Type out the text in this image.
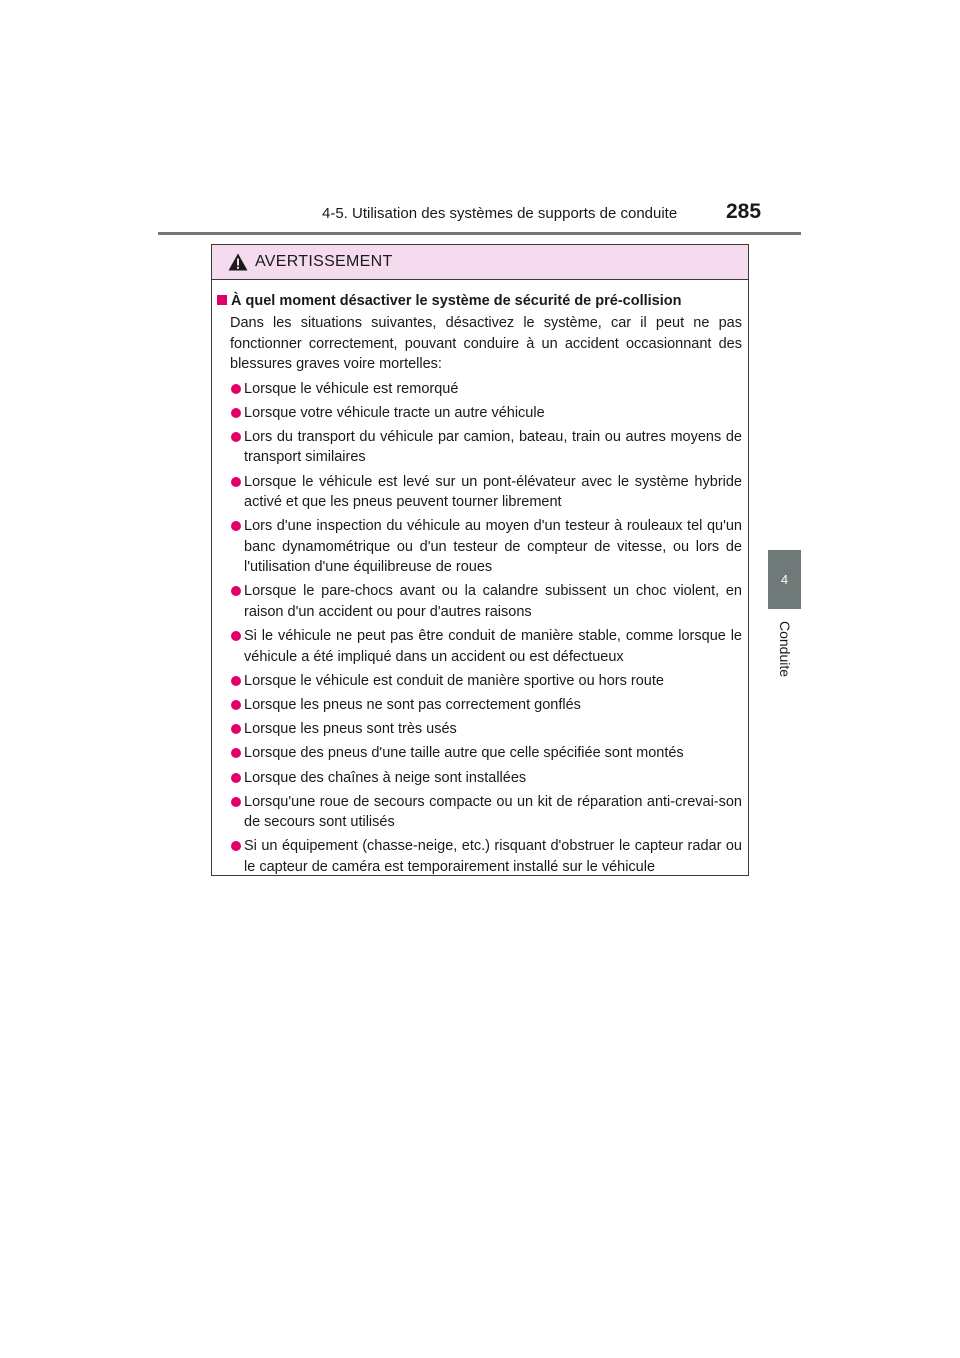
4-5. Utilisation des systèmes de supports de conduite 285
4
Conduite
AVERTISSEMENT
À quel moment désactiver le système de sécurité de pré-collision
Dans les situations suivantes, désactivez le système, car il peut ne pas fonctionner correctement, pouvant conduire à un accident occasionnant des blessures graves voire mortelles:
Lorsque le véhicule est remorqué
Lorsque votre véhicule tracte un autre véhicule
Lors du transport du véhicule par camion, bateau, train ou autres moyens de transport similaires
Lorsque le véhicule est levé sur un pont-élévateur avec le système hybride activé et que les pneus peuvent tourner librement
Lors d'une inspection du véhicule au moyen d'un testeur à rouleaux tel qu'un banc dynamométrique ou d'un testeur de compteur de vitesse, ou lors de l'utilisation d'une équilibreuse de roues
Lorsque le pare-chocs avant ou la calandre subissent un choc violent, en raison d'un accident ou pour d'autres raisons
Si le véhicule ne peut pas être conduit de manière stable, comme lorsque le véhicule a été impliqué dans un accident ou est défectueux
Lorsque le véhicule est conduit de manière sportive ou hors route
Lorsque les pneus ne sont pas correctement gonflés
Lorsque les pneus sont très usés
Lorsque des pneus d'une taille autre que celle spécifiée sont montés
Lorsque des chaînes à neige sont installées
Lorsqu'une roue de secours compacte ou un kit de réparation anti-crevai-son de secours sont utilisés
Si un équipement (chasse-neige, etc.) risquant d'obstruer le capteur radar ou le capteur de caméra est temporairement installé sur le véhicule
